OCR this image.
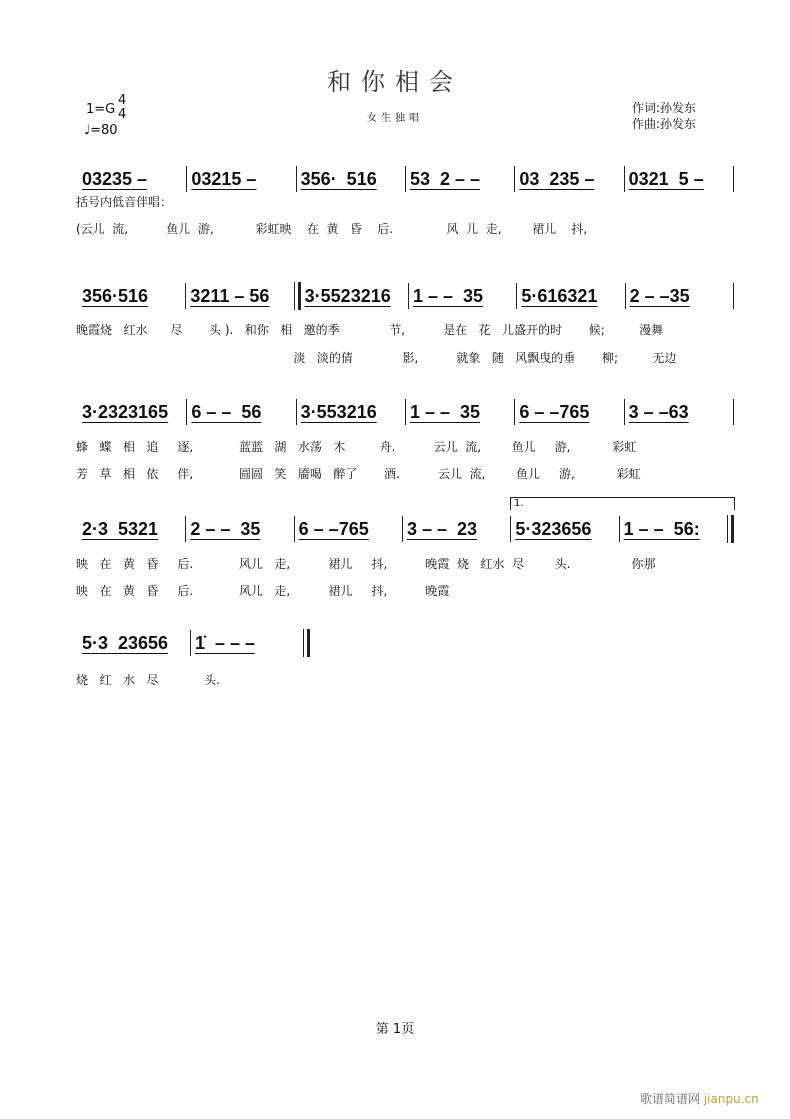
和你相会
1=G
4
4
♩=80
女生独唱
作词:孙发东
作曲:孙发东
括号内低音伴唱：
1.
03235 –	03215 –	356·  516	53  2 – –	03  235 –	0321  5 –
356·516	3211 – 56	3·5523216	1 – –  35	5·616321	2 – –35
3·2323165	6 – –  56	3·553216	1 – –  35	6 – –765	3 – –63
2·3  5321	2 – –  35	6 – –765	3 – –  23	5·323656	1 – –  56:
5·3  23656	1̇  – – –
(云儿  流,          鱼儿  游,           彩虹映    在  黄   昏    后.              风  儿  走,        裙儿    抖,
晚霞烧   红水      尽       头 ).   和你   相   邀的季             节,          是在   花   儿盛开的时       候;         漫舞
淡   淡的倩             影,          就象   随   风飘曳的垂       柳;         无边
蜂   蝶   相   追     逐,            蓝蓝   湖   水荡   木         舟.          云儿  流,        鱼儿     游,           彩虹
芳   草   相   依     伴,            圆圆   笑   靥喝   醉了       酒.          云儿  流,        鱼儿     游,           彩虹
映   在   黄   昏     后.            风儿   走,          裙儿     抖,          晚霞  烧   红水  尽        头.                你那
映   在   黄   昏     后.            风儿   走,          裙儿     抖,          晚霞
烧   红   水   尽            头.
第 1页
歌谱简谱网 jianpu.cn
